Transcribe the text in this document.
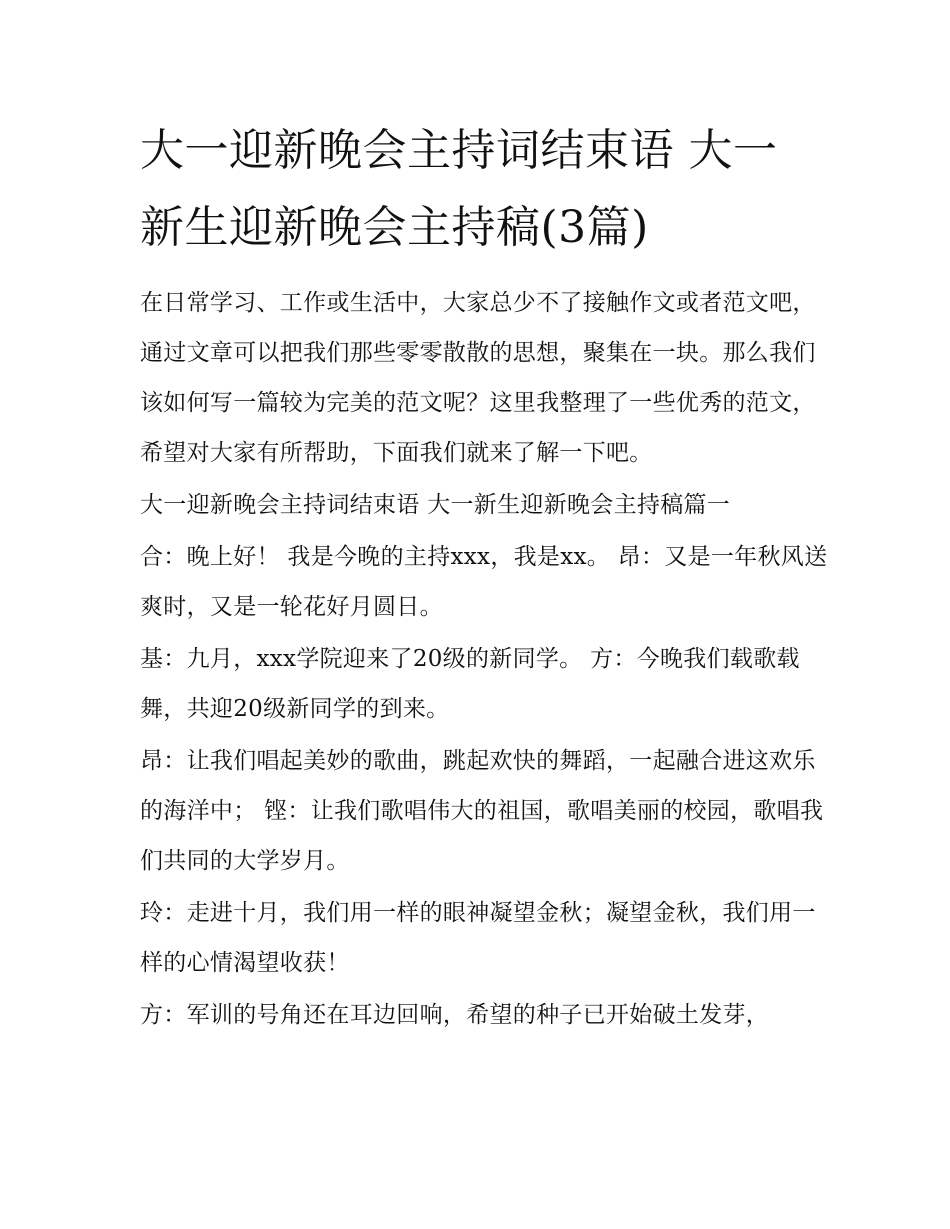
大一迎新晚会主持词结束语 大一新生迎新晚会主持稿(3篇)

在日常学习、工作或生活中，大家总少不了接触作文或者范文吧，通过文章可以把我们那些零零散散的思想，聚集在一块。那么我们该如何写一篇较为完美的范文呢？这里我整理了一些优秀的范文，希望对大家有所帮助，下面我们就来了解一下吧。

大一迎新晚会主持词结束语 大一新生迎新晚会主持稿篇一

合：晚上好！ 我是今晚的主持xxx，我是xx。 昂：又是一年秋风送爽时，又是一轮花好月圆日。

基：九月，xxx学院迎来了20级的新同学。 方：今晚我们载歌载舞，共迎20级新同学的到来。

昂：让我们唱起美妙的歌曲，跳起欢快的舞蹈，一起融合进这欢乐的海洋中； 铿：让我们歌唱伟大的祖国，歌唱美丽的校园，歌唱我们共同的大学岁月。

玲：走进十月，我们用一样的眼神凝望金秋；凝望金秋，我们用一样的心情渴望收获！

方：军训的号角还在耳边回响，希望的种子已开始破土发芽，
